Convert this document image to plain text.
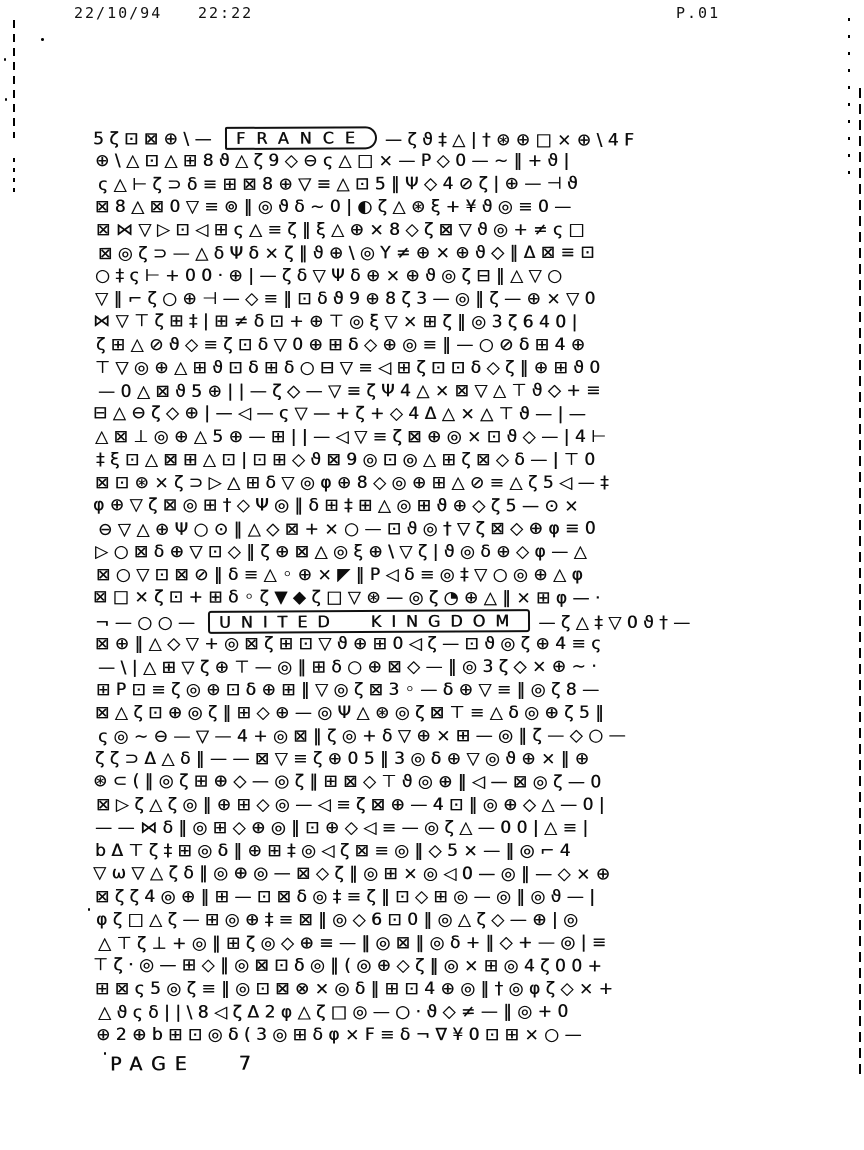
22/10/94 22:22	P.01
5ζ⊡⊠⊕\— FRANCE —ζϑ‡△|†⊛⊕□×⊕\4F
⊕\△⊡△⊞8ϑ△ζ9◇⊖ς△□×—P◇0—~‖+ϑ|
ς△⊢ζ⊃δ≡⊞⊠8⊕▽≡△⊡5‖Ψ◇4⊘ζ|⊕—⊣ϑ
⊠8△⊠0▽≡⊚‖◎ϑδ~0|◐ζ△⊛ξ+¥ϑ◎≡0—
⊠⋈▽▷⊡◁⊞ς△≡ζ‖ξ△⊕×8◇ζ⊠▽ϑ◎+≠ς□
⊠◎ζ⊃—△δΨδ×ζ‖ϑ⊕\◎Y≠⊕×⊕ϑ◇‖Δ⊠≡⊡
○‡ς⊢+00·⊕|—ζδ▽Ψδ⊕×⊕ϑ◎ζ⊟‖△▽○
▽‖⌐ζ○⊕⊣—◇≡‖⊡δϑ9⊕8ζ3—◎‖ζ—⊕×▽0
⋈▽⊤ζ⊞‡|⊞≠δ⊡+⊕⊤◎ξ▽×⊞ζ‖◎3ζ640|
ζ⊞△⊘ϑ◇≡ζ⊡δ▽0⊕⊞δ◇⊕◎≡‖—○⊘δ⊞4⊕
⊤▽◎⊕△⊞ϑ⊡δ⊞δ○⊟▽≡◁⊞ζ⊡⊡δ◇ζ‖⊕⊞ϑ0
—0△⊠ϑ5⊕||—ζ◇—▽≡ζΨ4△×⊠▽△⊤ϑ◇+≡
⊟△⊖ζ◇⊕|—◁—ς▽—+ζ+◇4Δ△×△⊤ϑ—|—
△⊠⊥◎⊕△5⊕—⊞||—◁▽≡ζ⊠⊕◎×⊡ϑ◇—|4⊢
‡ξ⊡△⊠⊞△⊡|⊡⊞◇ϑ⊠9◎⊡◎△⊞ζ⊠◇δ—|⊤0
⊠⊡⊛×ζ⊃▷△⊞δ▽◎φ⊕8◇◎⊕⊞△⊘≡△ζ5◁—‡
φ⊕▽ζ⊠◎⊞†◇Ψ◎‖δ⊞‡⊞△◎⊞ϑ⊕◇ζ5—⊙×
⊖▽△⊕Ψ○⊙‖△◇⊠+×○—⊡ϑ◎†▽ζ⊠◇⊕φ≡0
▷○⊠δ⊕▽⊡◇‖ζ⊕⊠△◎ξ⊕\▽ζ|ϑ◎δ⊕◇φ—△
⊠○▽⊡⊠⊘‖δ≡△◦⊕×◤‖P◁δ≡◎‡▽○◎⊕△φ
⊠□×ζ⊡+⊞δ◦ζ▼◆ζ□▽⊛—◎ζ◔⊕△‖×⊞φ—·
¬—○○— UNITED KINGDOM —ζ△‡▽0ϑ†—
⊠⊕‖△◇▽+◎⊠ζ⊞⊡▽ϑ⊕⊞0◁ζ—⊡ϑ◎ζ⊕4≡ς
—\|△⊞▽ζ⊕⊤—◎‖⊞δ○⊕⊠◇—‖◎3ζ◇×⊕~·
⊞P⊡≡ζ◎⊕⊡δ⊕⊞‖▽◎ζ⊠3◦—δ⊕▽≡‖◎ζ8—
⊠△ζ⊡⊕◎ζ‖⊞◇⊕—◎Ψ△⊛◎ζ⊠⊤≡△δ◎⊕ζ5‖
ς◎~⊖—▽—4+◎⊠‖ζ◎+δ▽⊕×⊞—◎‖ζ—◇○—
ζζ⊃Δ△δ‖——⊠▽≡ζ⊕05‖3◎δ⊕▽◎ϑ⊕×‖⊕
⊛⊂(‖◎ζ⊞⊕◇—◎ζ‖⊞⊠◇⊤ϑ◎⊕‖◁—⊠◎ζ—0
⊠▷ζ△ζ◎‖⊕⊞◇◎—◁≡ζ⊠⊕—4⊡‖◎⊕◇△—0|
——⋈δ‖◎⊞◇⊕◎‖⊡⊕◇◁≡—◎ζ△—00|△≡|
bΔ⊤ζ‡⊞◎δ‖⊕⊞‡◎◁ζ⊠≡◎‖◇5×—‖◎⌐4
▽ω▽△ζδ‖◎⊕◎—⊠◇ζ‖◎⊞×◎◁0—◎‖—◇×⊕
⊠ζζ4◎⊕‖⊞—⊡⊠δ◎‡≡ζ‖⊡◇⊞◎—◎‖◎ϑ—|
φζ□△ζ—⊞◎⊕‡≡⊠‖◎◇6⊡0‖◎△ζ◇—⊕|◎
△⊤ζ⊥+◎‖⊞ζ◎◇⊕≡—‖◎⊠‖◎δ+‖◇+—◎|≡
⊤ζ·◎—⊞◇‖◎⊠⊡δ◎‖(◎⊕◇ζ‖◎×⊞◎4ζ00+
⊞⊠ς5◎ζ≡‖◎⊡⊠⊗×◎δ‖⊞⊡4⊕◎‖†◎φζ◇×+
△ϑςδ||\8◁ζΔ2φ△ζ□◎—○·ϑ◇≠—‖◎+0
⊕2⊕b⊞⊡◎δ(3◎⊞δφ×F≡δ¬∇¥0⊡⊞×○—
PAGE 7
